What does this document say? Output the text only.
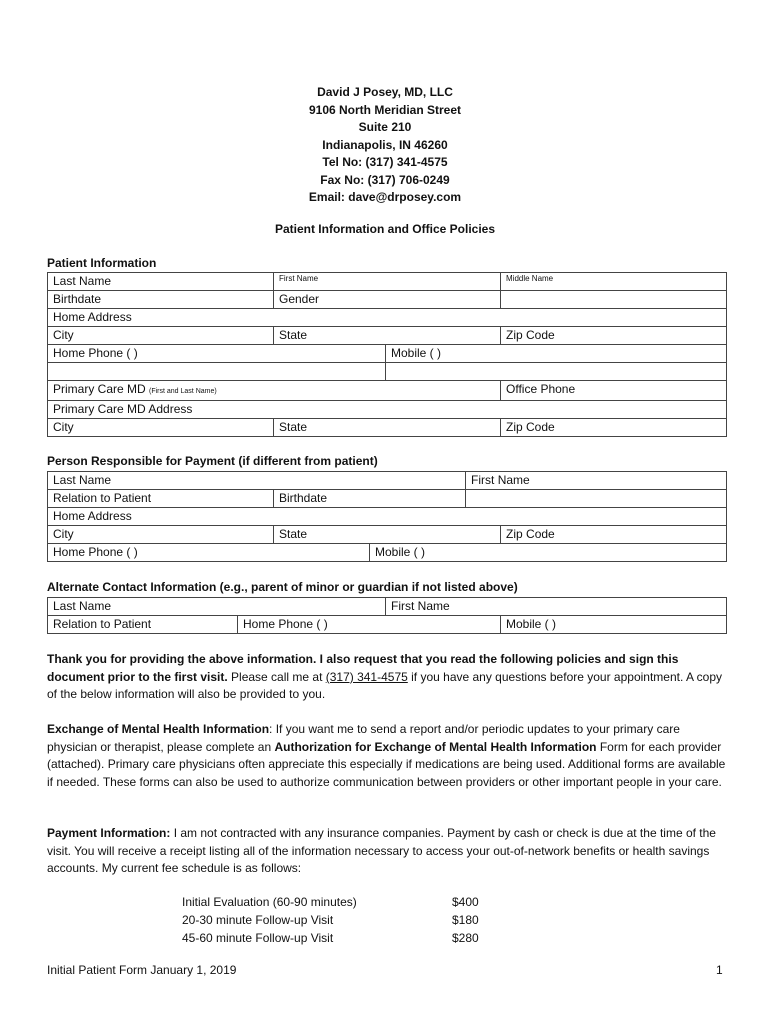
David J Posey, MD, LLC
9106 North Meridian Street
Suite 210
Indianapolis, IN 46260
Tel No: (317) 341-4575
Fax No: (317) 706-0249
Email: dave@drposey.com
Patient Information and Office Policies
Patient Information
Last Name	First Name		Middle Name
Birthdate	Gender		
Home Address			
City	State		Zip Code
Home Phone ( )		Mobile ( )	

Primary Care MD (First and Last Name)			Office Phone
Primary Care MD Address			
City	State		Zip Code
Person Responsible for Payment (if different from patient)
Last Name			First Name	
Relation to Patient	Birthdate			
Home Address				
City	State			Zip Code
Home Phone ( )		Mobile ( )		
Alternate Contact Information (e.g., parent of minor or guardian if not listed above)
Last Name		First Name	
Relation to Patient	Home Phone ( )		Mobile ( )
Thank you for providing the above information. I also request that you read the following policies and sign this document prior to the first visit. Please call me at (317) 341-4575 if you have any questions before your appointment. A copy of the below information will also be provided to you.
Exchange of Mental Health Information: If you want me to send a report and/or periodic updates to your primary care physician or therapist, please complete an Authorization for Exchange of Mental Health Information Form for each provider (attached). Primary care physicians often appreciate this especially if medications are being used. Additional forms are available if needed. These forms can also be used to authorize communication between providers or other important people in your care.
Payment Information: I am not contracted with any insurance companies. Payment by cash or check is due at the time of the visit. You will receive a receipt listing all of the information necessary to access your out-of-network benefits or health savings accounts. My current fee schedule is as follows:
Initial Evaluation (60-90 minutes)	$400
20-30 minute Follow-up Visit	$180
45-60 minute Follow-up Visit	$280
Initial Patient Form January 1, 2019	1
